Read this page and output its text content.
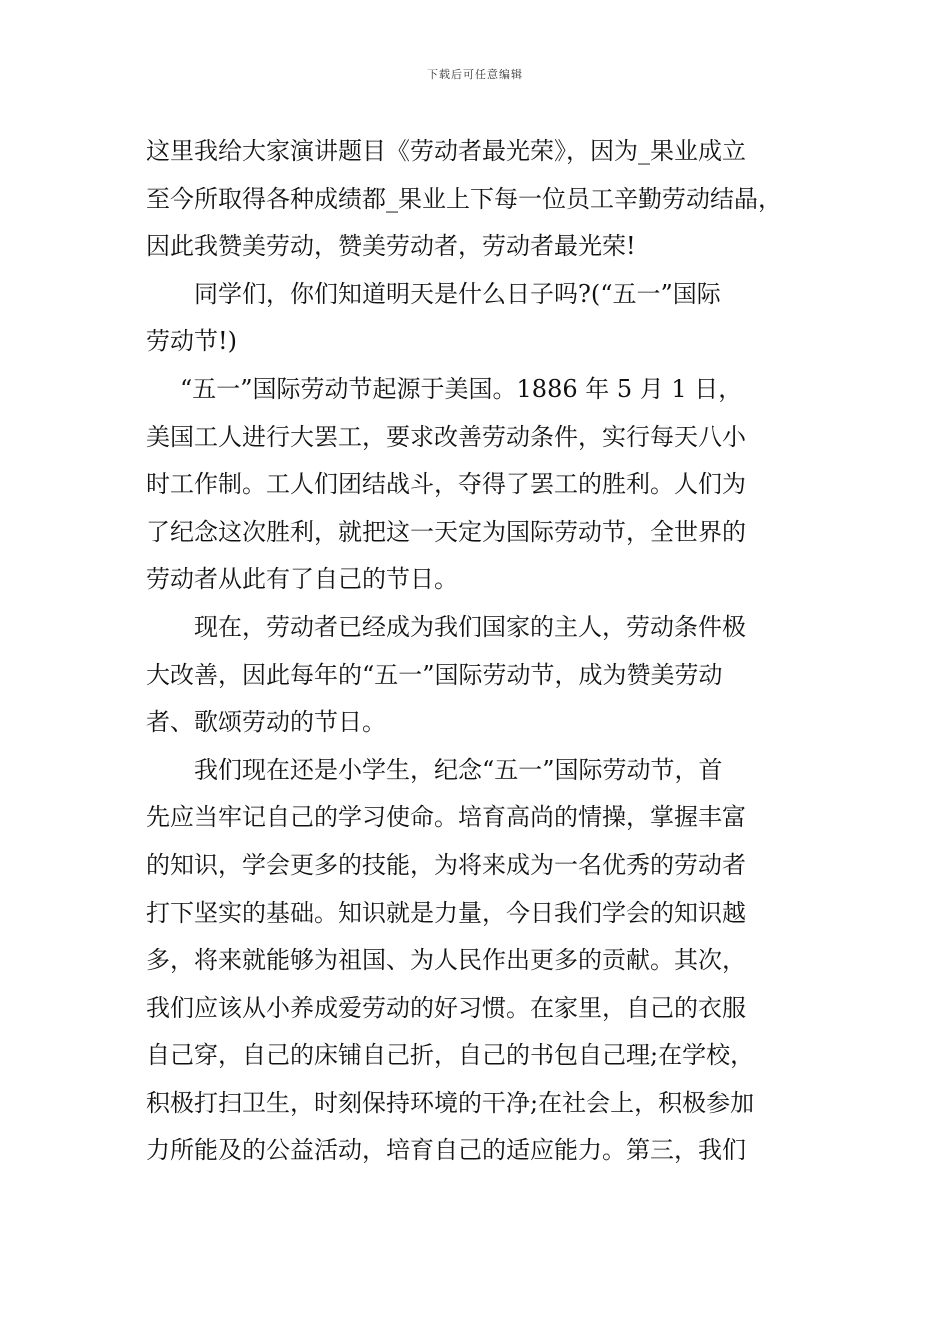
下载后可任意编辑
这里我给大家演讲题目《劳动者最光荣》，因为_果业成立
至今所取得各种成绩都_果业上下每一位员工辛勤劳动结晶，
因此我赞美劳动，赞美劳动者，劳动者最光荣!
同学们，你们知道明天是什么日子吗?(“五一”国际
劳动节!)
“五一”国际劳动节起源于美国。1886 年 5 月 1 日，
美国工人进行大罢工，要求改善劳动条件，实行每天八小
时工作制。工人们团结战斗，夺得了罢工的胜利。人们为
了纪念这次胜利，就把这一天定为国际劳动节，全世界的
劳动者从此有了自己的节日。
现在，劳动者已经成为我们国家的主人，劳动条件极
大改善，因此每年的“五一”国际劳动节，成为赞美劳动
者、歌颂劳动的节日。
我们现在还是小学生，纪念“五一”国际劳动节，首
先应当牢记自己的学习使命。培育高尚的情操，掌握丰富
的知识，学会更多的技能，为将来成为一名优秀的劳动者
打下坚实的基础。知识就是力量，今日我们学会的知识越
多，将来就能够为祖国、为人民作出更多的贡献。其次，
我们应该从小养成爱劳动的好习惯。在家里，自己的衣服
自己穿，自己的床铺自己折，自己的书包自己理;在学校，
积极打扫卫生，时刻保持环境的干净;在社会上，积极参加
力所能及的公益活动，培育自己的适应能力。第三，我们
